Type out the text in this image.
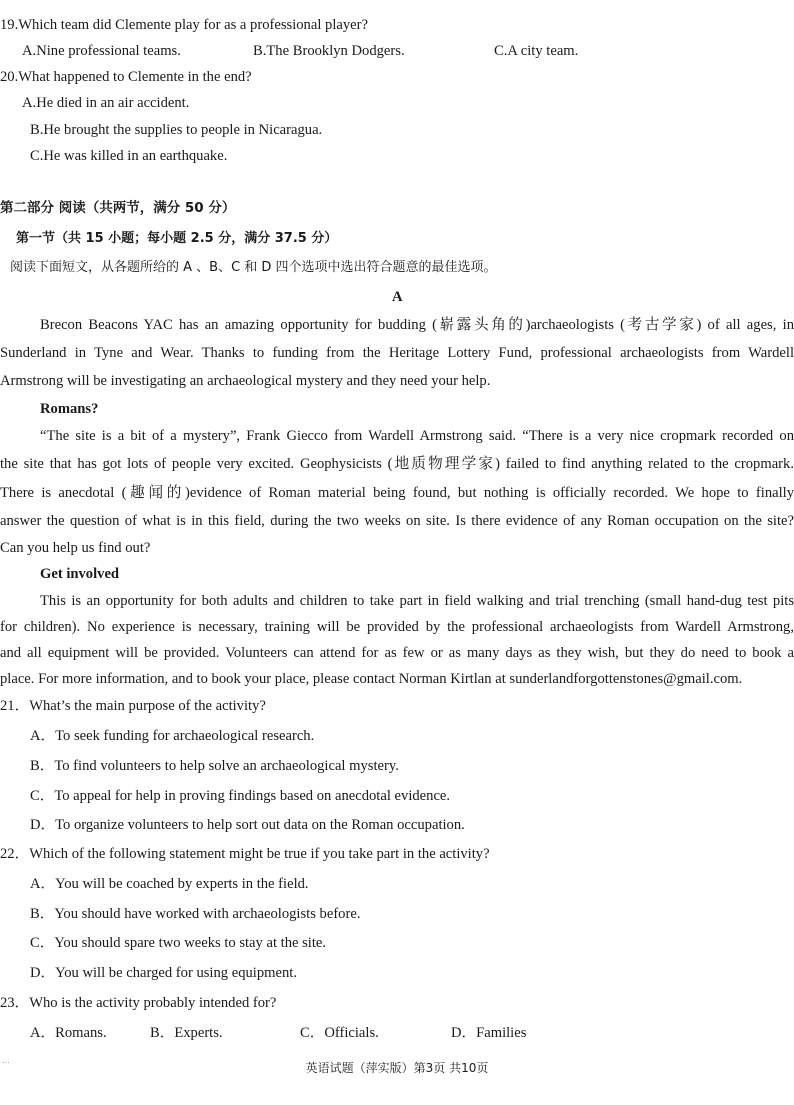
19.Which team did Clemente play for as a professional player?
A.Nine professional teams.	B.The Brooklyn Dodgers.	C.A city team.
20.What happened to Clemente in the end?
A.He died in an air accident.
B.He brought the supplies to people in Nicaragua.
C.He was killed in an earthquake.
第二部分 阅读（共两节，满分 50 分）
第一节（共 15 小题；每小题 2.5 分，满分 37.5 分）
阅读下面短文，从各题所给的 A 、B、C 和 D 四个选项中选出符合题意的最佳选项。
A
Brecon Beacons YAC has an amazing opportunity for budding (崭露头角的)archaeologists (考古学家) of all ages, in
Sunderland in Tyne and Wear. Thanks to funding from the Heritage Lottery Fund, professional archaeologists from Wardell
Armstrong will be investigating an archaeological mystery and they need your help.
Romans?
“The site is a bit of a mystery”, Frank Giecco from Wardell Armstrong said. “There is a very nice cropmark recorded on
the site that has got lots of people very excited. Geophysicists (地质物理学家) failed to find anything related to the cropmark.
There is anecdotal (趣闻的)evidence of Roman material being found, but nothing is officially recorded. We hope to finally
answer the question of what is in this field, during the two weeks on site. Is there evidence of any Roman occupation on the site?
Can you help us find out?
Get involved
This is an opportunity for both adults and children to take part in field walking and trial trenching (small hand-dug test pits
for children). No experience is necessary, training will be provided by the professional archaeologists from Wardell Armstrong,
and all equipment will be provided. Volunteers can attend for as few or as many days as they wish, but they do need to book a
place. For more information, and to book your place, please contact Norman Kirtlan at sunderlandforgottenstones@gmail.com.
21．What’s the main purpose of the activity?
A．To seek funding for archaeological research.
B．To find volunteers to help solve an archaeological mystery.
C．To appeal for help in proving findings based on anecdotal evidence.
D．To organize volunteers to help sort out data on the Roman occupation.
22．Which of the following statement might be true if you take part in the activity?
A．You will be coached by experts in the field.
B．You should have worked with archaeologists before.
C．You should spare two weeks to stay at the site.
D．You will be charged for using equipment.
23．Who is the activity probably intended for?
A．Romans.	B．Experts.	C．Officials.	D．Families
…
英语试题（萍实版）第3页 共10页
